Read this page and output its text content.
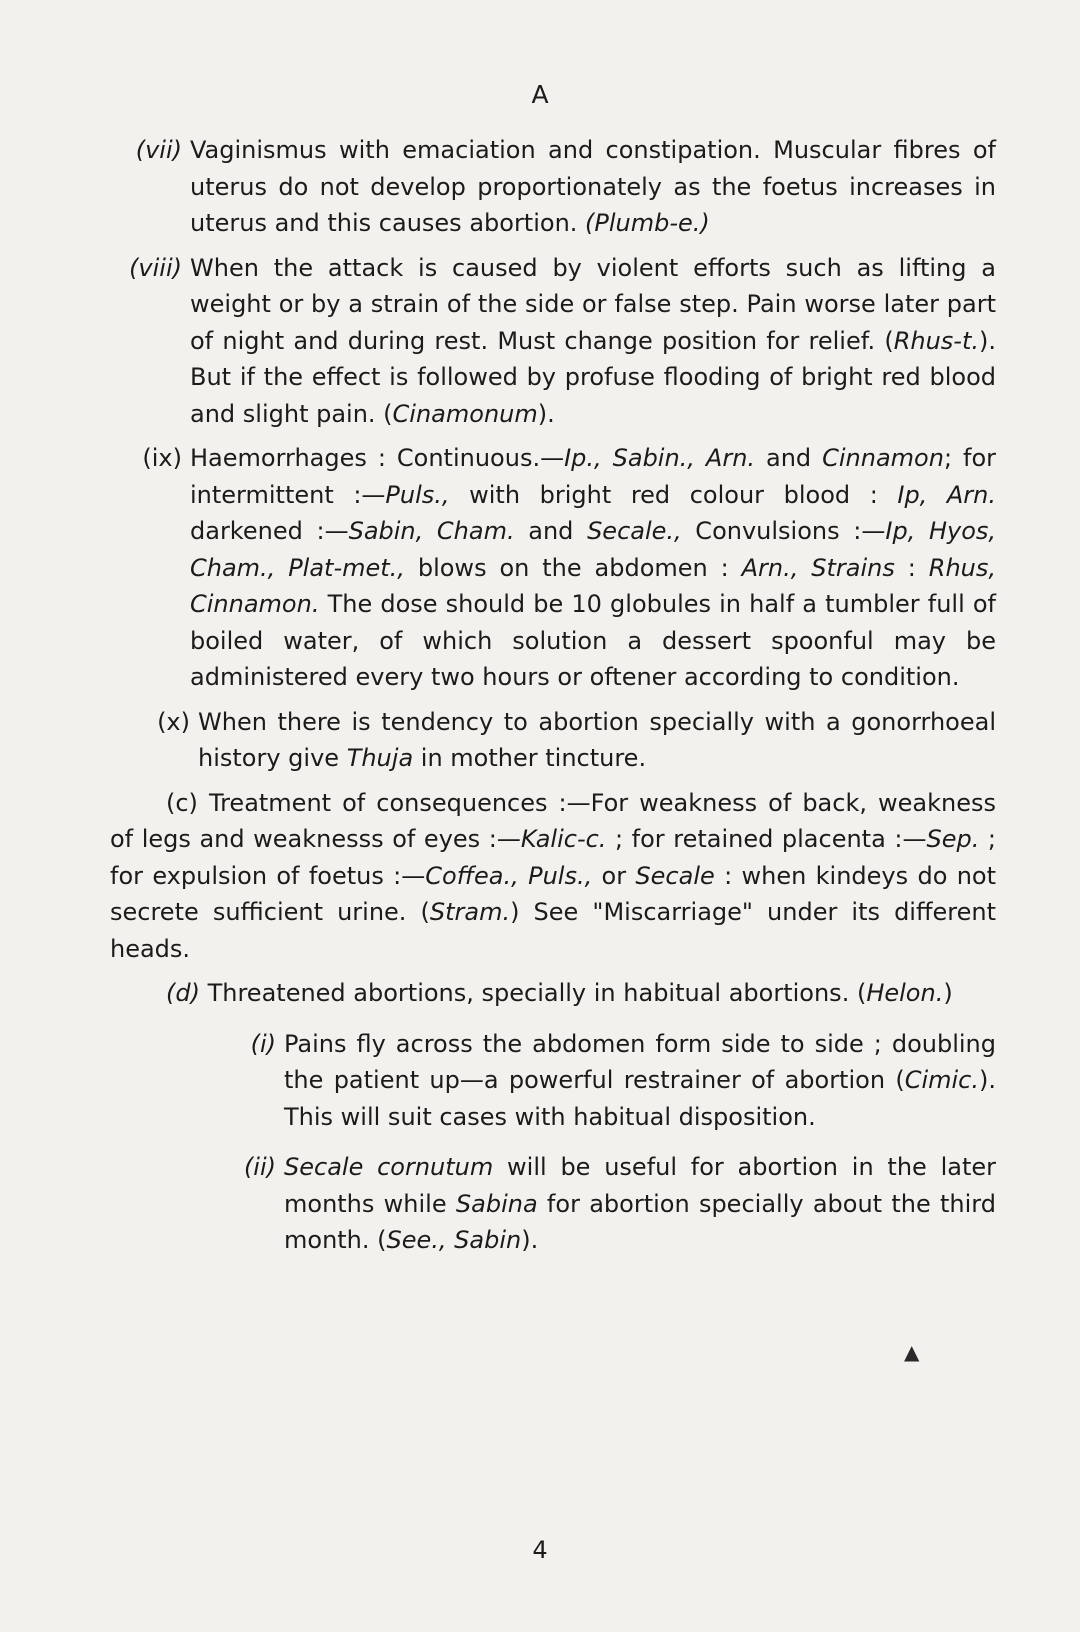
A
(vii) Vaginismus with emaciation and constipation. Muscular fibres of uterus do not develop proportionately as the foetus increases in uterus and this causes abortion. (Plumb-e.)
(viii) When the attack is caused by violent efforts such as lifting a weight or by a strain of the side or false step. Pain worse later part of night and during rest. Must change position for relief. (Rhus-t.). But if the effect is followed by profuse flooding of bright red blood and slight pain. (Cinamonum).
(ix) Haemorrhages : Continuous.—Ip., Sabin., Arn. and Cinnamon; for intermittent :—Puls., with bright red colour blood : Ip, Arn. darkened :—Sabin, Cham. and Secale., Convulsions :—Ip, Hyos, Cham., Plat-met., blows on the abdomen : Arn., Strains : Rhus, Cinnamon. The dose should be 10 globules in half a tumbler full of boiled water, of which solution a dessert spoonful may be administered every two hours or oftener according to condition.
(x) When there is tendency to abortion specially with a gonorrhoeal history give Thuja in mother tincture.
(c) Treatment of consequences :—For weakness of back, weakness of legs and weaknesss of eyes :—Kalic-c. ; for retained placenta :—Sep. ; for expulsion of foetus :—Coffea., Puls., or Secale : when kindeys do not secrete sufficient urine. (Stram.) See "Miscarriage" under its different heads.
(d) Threatened abortions, specially in habitual abortions. (Helon.)
(i) Pains fly across the abdomen form side to side ; doubling the patient up—a powerful restrainer of abortion (Cimic.). This will suit cases with habitual disposition.
(ii) Secale cornutum will be useful for abortion in the later months while Sabina for abortion specially about the third month. (See., Sabin).
▲
4
